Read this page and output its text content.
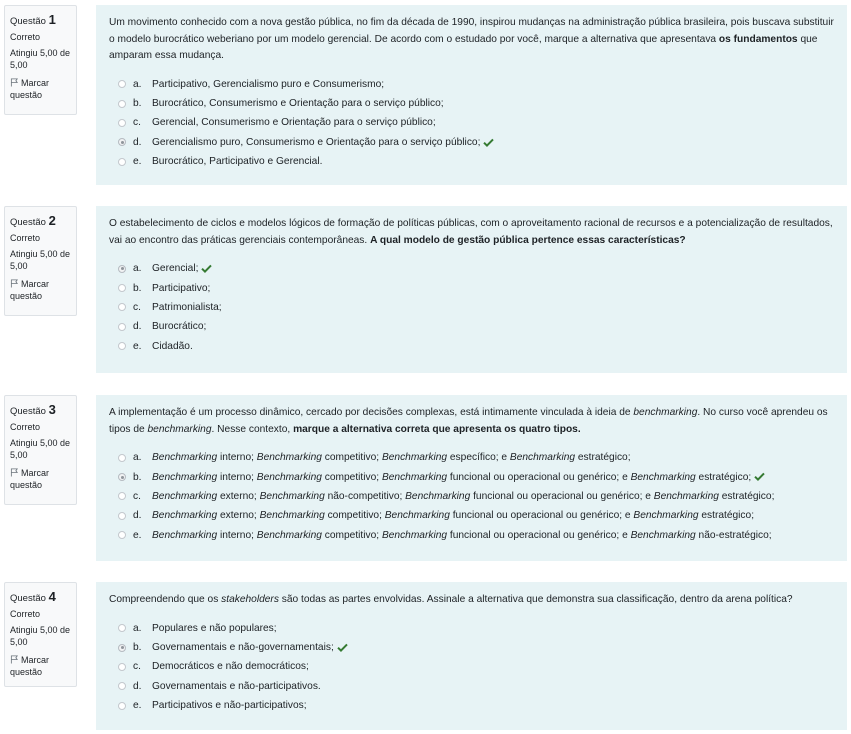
Questão 1
Correto
Atingiu 5,00 de 5,00
Marcar questão
Um movimento conhecido com a nova gestão pública, no fim da década de 1990, inspirou mudanças na administração pública brasileira, pois buscava substituir o modelo burocrático weberiano por um modelo gerencial. De acordo com o estudado por você, marque a alternativa que apresentava os fundamentos que amparam essa mudança.
a.	Participativo, Gerencialismo puro e Consumerismo;
b.	Burocrático, Consumerismo e Orientação para o serviço público;
c.	Gerencial, Consumerismo e Orientação para o serviço público;
d.	Gerencialismo puro, Consumerismo e Orientação para o serviço público;
e.	Burocrático, Participativo e Gerencial.
Questão 2
Correto
Atingiu 5,00 de 5,00
Marcar questão
O estabelecimento de ciclos e modelos lógicos de formação de políticas públicas, com o aproveitamento racional de recursos e a potencialização de resultados, vai ao encontro das práticas gerenciais contemporâneas. A qual modelo de gestão pública pertence essas características?
a.	Gerencial;
b.	Participativo;
c.	Patrimonialista;
d.	Burocrático;
e.	Cidadão.
Questão 3
Correto
Atingiu 5,00 de 5,00
Marcar questão
A implementação é um processo dinâmico, cercado por decisões complexas, está intimamente vinculada à ideia de benchmarking. No curso você aprendeu os tipos de benchmarking. Nesse contexto, marque a alternativa correta que apresenta os quatro tipos.
a.	Benchmarking interno; Benchmarking competitivo; Benchmarking específico; e Benchmarking estratégico;
b.	Benchmarking interno; Benchmarking competitivo; Benchmarking funcional ou operacional ou genérico; e Benchmarking estratégico;
c.	Benchmarking externo; Benchmarking não-competitivo; Benchmarking funcional ou operacional ou genérico; e Benchmarking estratégico;
d.	Benchmarking externo; Benchmarking competitivo; Benchmarking funcional ou operacional ou genérico; e Benchmarking estratégico;
e.	Benchmarking interno; Benchmarking competitivo; Benchmarking funcional ou operacional ou genérico; e Benchmarking não-estratégico;
Questão 4
Correto
Atingiu 5,00 de 5,00
Marcar questão
Compreendendo que os stakeholders são todas as partes envolvidas. Assinale a alternativa que demonstra sua classificação, dentro da arena política?
a.	Populares e não populares;
b.	Governamentais e não-governamentais;
c.	Democráticos e não democráticos;
d.	Governamentais e não-participativos.
e.	Participativos e não-participativos;
